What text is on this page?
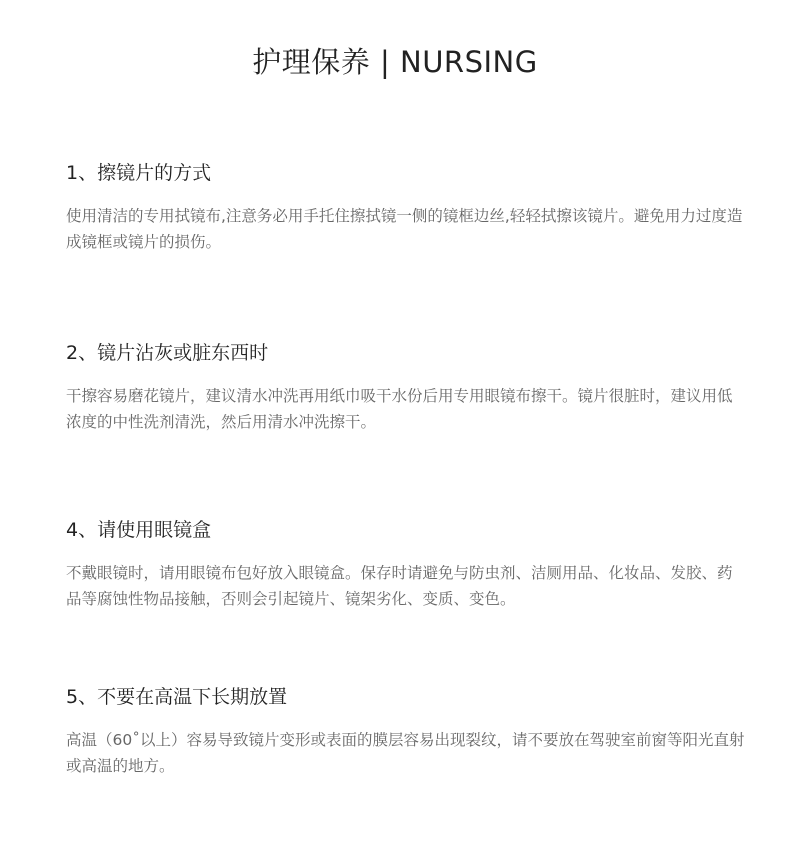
护理保养 | NURSING
1、擦镜片的方式

使用清洁的专用拭镜布,注意务必用手托住擦拭镜一侧的镜框边丝,轻轻拭擦该镜片。避免用力过度造成镜框或镜片的损伤。

2、镜片沾灰或脏东西时

干擦容易磨花镜片，建议清水冲洗再用纸巾吸干水份后用专用眼镜布擦干。镜片很脏时，建议用低浓度的中性洗剂清洗，然后用清水冲洗擦干。

4、请使用眼镜盒

不戴眼镜时，请用眼镜布包好放入眼镜盒。保存时请避免与防虫剂、洁厕用品、化妆品、发胶、药品等腐蚀性物品接触，否则会引起镜片、镜架劣化、变质、变色。

5、不要在高温下长期放置

高温（60˚以上）容易导致镜片变形或表面的膜层容易出现裂纹，请不要放在驾驶室前窗等阳光直射或高温的地方。
